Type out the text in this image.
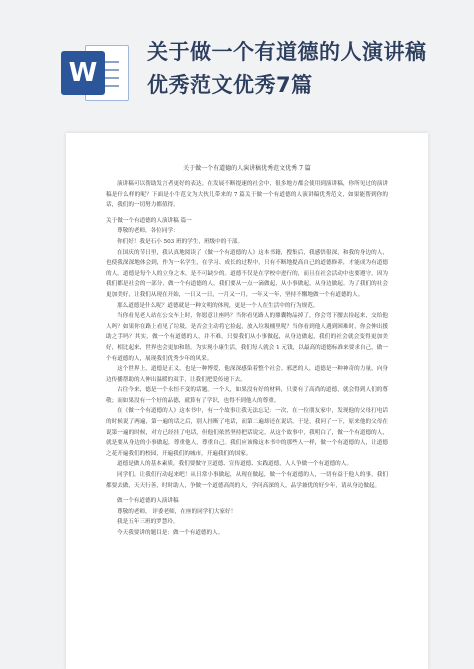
W
关于做一个有道德的人演讲稿
优秀范文优秀7篇
关于做一个有道德的人演讲稿优秀范文优秀 7 篇

演讲稿可以帮助发言者更好的表达。在发展不断提速的社会中，很多地方都会使用到演讲稿，你所见过的演讲稿是什么样的呢？下面是小牛范文为大伙儿带来的 7 篇关于做一个有道德的人演讲稿优秀范文，如果能帮到你的话，我们的一切努力都值得。

关于做一个有道德的人演讲稿 篇一

尊敬的老师，各位同学：

你们好！我是石小 503 班的学生，班级中的干部。

在国庆的节日里，我认真地阅读了《做一个有道德的人》这本书籍，搜集后，我感悟很深，和我的身边的人，也使我深深地体会到，作为一名学生，在学习、成长的过程中，只有不断地提高自己的道德修养，才能成为有道德的人。道德是每个人的立身之本，是不可缺少的。道德不仅是在学校中进行的，而且在社会活动中也要遵守，因为我们都是社会的一部分，做一个有道德的人，我们要从一点一滴做起，从小事做起，从身边做起。为了我们的社会更加美好，让我们从现在开始，一日又一日，一月又一月，一年又一年，坚持不懈地做一个有道德的人。

那么道德是什么呢？道德就是一种文明的体现，更是一个人在生活中的行为规范。

当你看见老人站在公交车上时，你愿意让座吗？当你看见路人的鼎囊物品掉了，你会弯下腰去捡起来，交给他人吗？如果你在路上看见了垃圾，是否会主动将它捡起，放入垃圾桶里呢？当你看到他人遇到困难时，你会伸出援助之手吗？其实，做一个有道德的人，并不难，只要我们从小事做起，从身边做起，我们的社会就会变得更加美好，相比起来，世界也会更加和谐。为实现小康生活，我们每人就会 1 元钱，以最高的道德标准来要求自己，做一个有道德的人，展现我们优秀少年的风采。

这个世界上，道德是正义，也是一种博爱，他深深感染着整个社会。邪恶的人，道德是一种神奇的力量，向身边传播帮助的人伸出温暖的双手，让我们把爱传递下去。

古往今来，德是一个永恒不变的话题。一个人，如果没有好的材料，只要有了高尚的道德，就会得到人们的尊敬；而如果没有一个好的品德，就算有了学识，也得不到他人的尊重。

在《做一个有道德的人》这本书中，有一个故事让我无法忘记：一次，在一位朋友家中，发现他的父母打电话的时候说了两遍，第一遍的话之后，别人挂断了电话，而第二遍却还在说话，于是，我问了一下，原来他的父母在说第一遍的时候，对方已经挂了电话，但他们依然坚持把话说完。从这个故事中，我明白了，做一个有道德的人，就是要从身边的小事做起，尊重他人，尊重自己。我们应该像这本书中的那些人一样，做一个有道德的人，让道德之花开遍我们的校园，开遍我们的城市，开遍我们的国家。

道德是做人的基本素质，我们要做守卫道德、宣传道德、实践道德，人人争做一个有道德的人。

同学们，让我们行动起来吧！从日常小事做起，从现在做起，做一个有道德的人，一切有益于他人的事，我们都要去做，天天行善，时时助人，争做一个道德高尚的人，学问高深的人，品学兼优的好少年，请从身边做起。

做一个有道德的人演讲稿

尊敬的老师， 评委老师，在座的同学们大家好！

我是五年三班的罗慧玲。

今天我要讲的题目是：做一个有道德的人。
